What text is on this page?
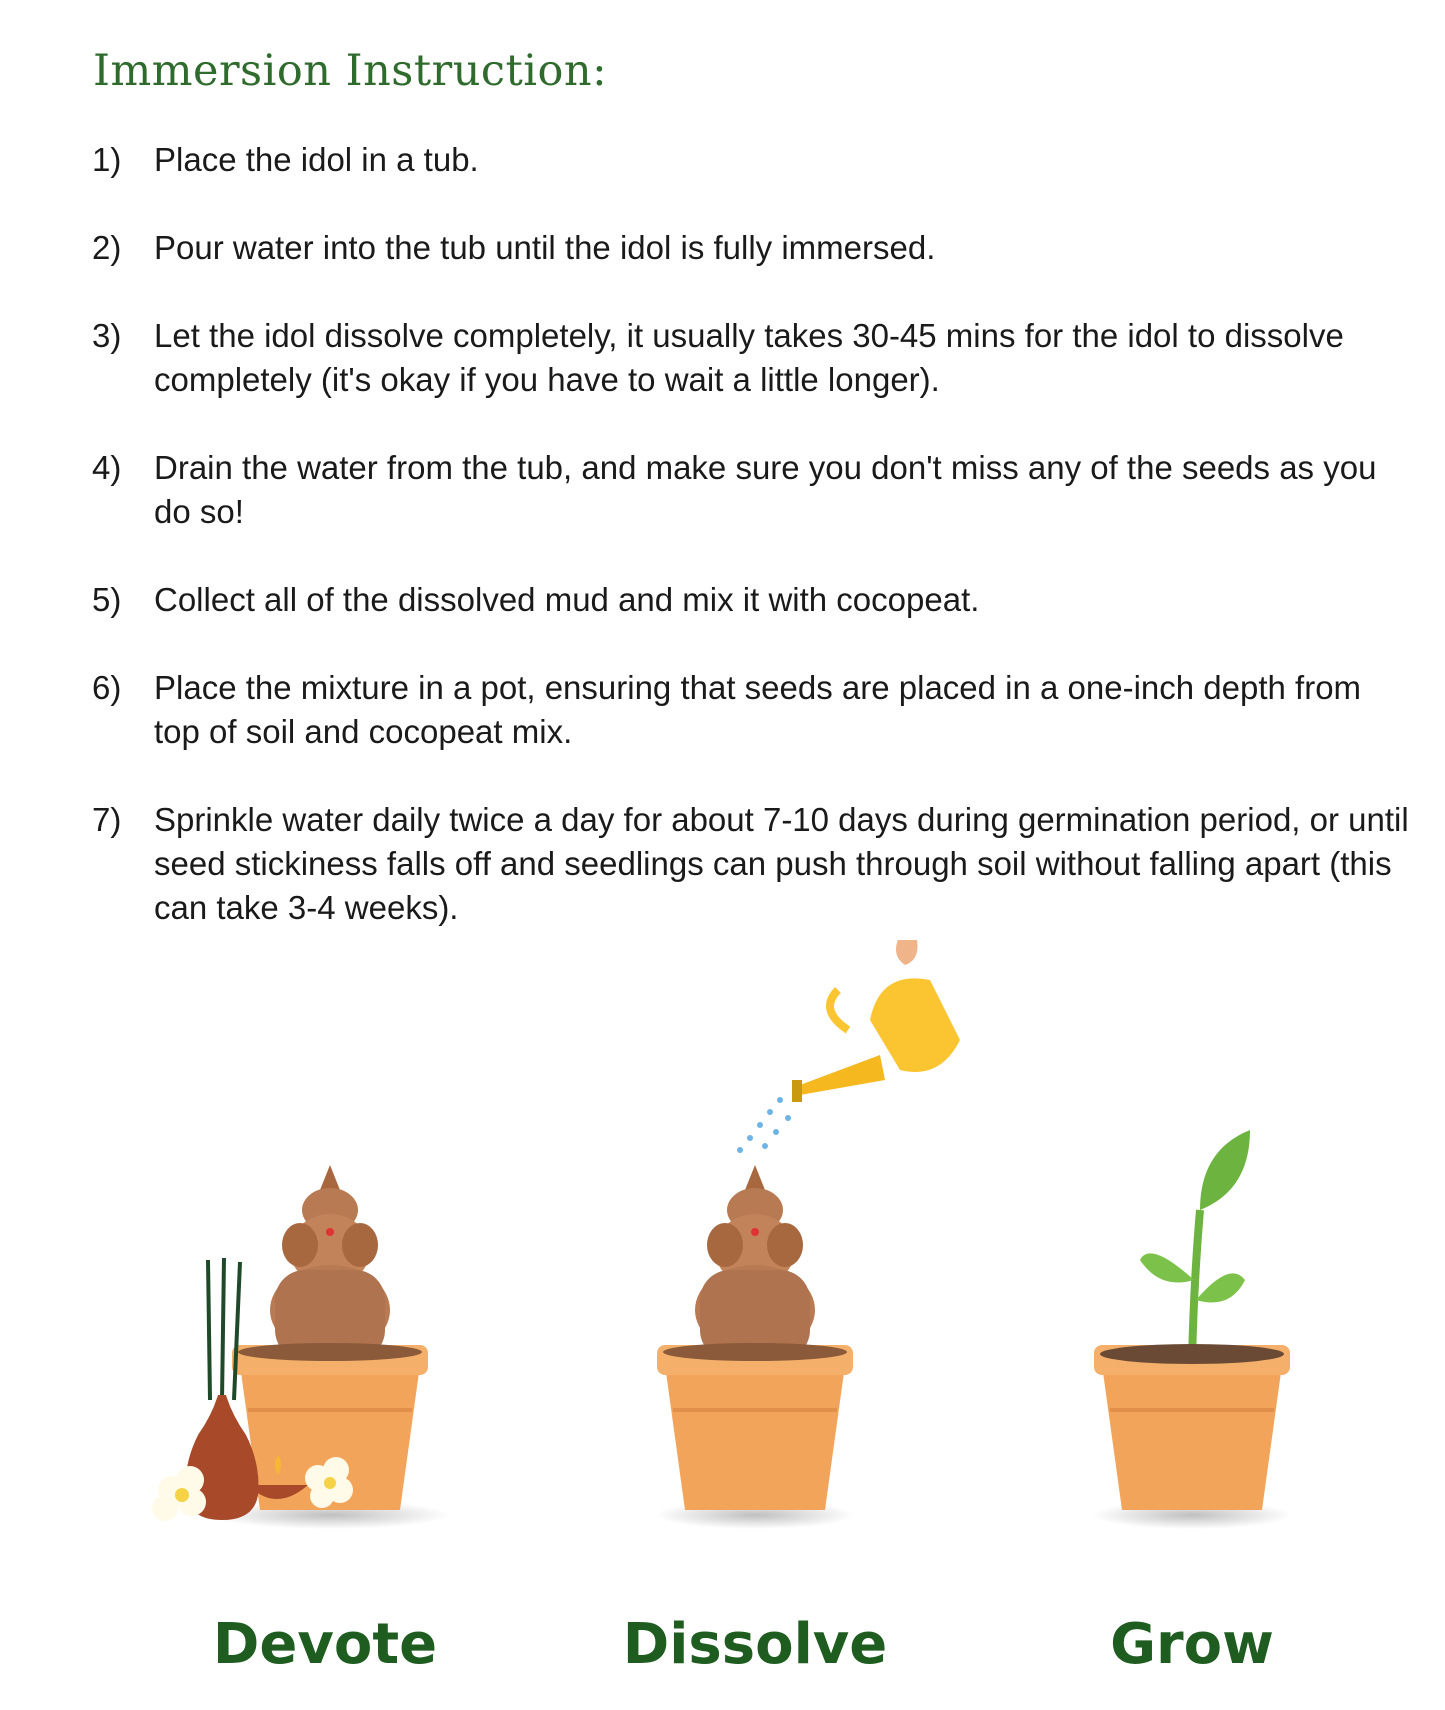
Immersion Instruction:
1) Place the idol in a tub.
2) Pour water into the tub until the idol is fully immersed.
3) Let the idol dissolve completely, it usually takes 30-45 mins for the idol to dissolve completely (it's okay if you have to wait a little longer).
4) Drain the water from the tub, and make sure you don't miss any of the seeds as you do so!
5) Collect all of the dissolved mud and mix it with cocopeat.
6) Place the mixture in a pot, ensuring that seeds are placed in a one-inch depth from top of soil and cocopeat mix.
7) Sprinkle water daily twice a day for about 7-10 days during germination period, or until seed stickiness falls off and seedlings can push through soil without falling apart (this can take 3-4 weeks).
Devote	Dissolve	Grow
